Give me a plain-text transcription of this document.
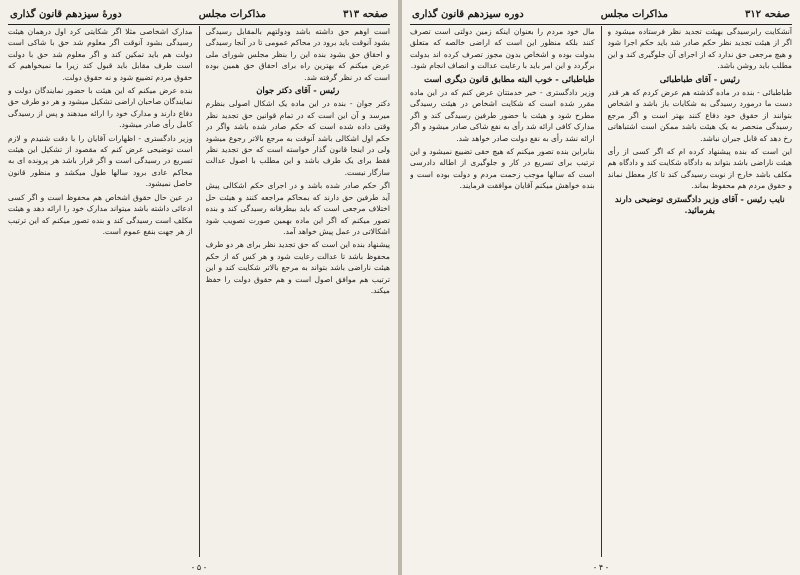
صفحه ۳۱۳
مذاکرات مجلس
دورهٔ سیزدهم قانون گذاری

است اوهم حق داشته باشد ودولتهم بالمقابل رسیدگی بشود آنوقت باید برود در محاکم عمومی تا در آنجا رسیدگی و احقاق حق بشود بنده این را بنظر مجلس شورای ملی عرض میکنم که بهترین راه برای احقاق حق همین بوده است که در نظر گرفته شد.

رئیس - آقای دکتر جوان

دکتر جوان - بنده در این ماده یک اشکال اصولی بنظرم میرسد و آن این است که در تمام قوانین حق تجدید نظر وقتی داده شده است که حکم صادر شده باشد واگر در حکم اول اشکالی باشد آنوقت به مرجع بالاتر رجوع میشود ولی در اینجا قانون گذار خواسته است که حق تجدید نظر فقط برای یک طرف باشد و این مطلب با اصول عدالت سازگار نیست.

اگر حکم صادر شده باشد و در اجرای حکم اشکالی پیش آید طرفین حق دارند که بمحاکم مراجعه کنند و هیئت حل اختلاف مرجعی است که باید بیطرفانه رسیدگی کند و بنده تصور میکنم که اگر این ماده بهمین صورت تصویب شود اشکالاتی در عمل پیش خواهد آمد.

پیشنهاد بنده این است که حق تجدید نظر برای هر دو طرف محفوظ باشد تا عدالت رعایت شود و هر کس که از حکم هیئت ناراضی باشد بتواند به مرجع بالاتر شکایت کند و این ترتیب هم موافق اصول است و هم حقوق دولت را حفظ میکند.

مدارک اشخاصی مثلا اگر شکایتی کرد اول درهمان هیئت رسیدگی بشود آنوقت اگر معلوم شد حق با شاکی است دولت هم باید تمکین کند و اگر معلوم شد حق با دولت است طرف مقابل باید قبول کند زیرا ما نمیخواهیم که حقوق مردم تضییع شود و نه حقوق دولت.

بنده عرض میکنم که این هیئت با حضور نمایندگان دولت و نمایندگان صاحبان اراضی تشکیل میشود و هر دو طرف حق دفاع دارند و مدارک خود را ارائه میدهند و پس از رسیدگی کامل رأی صادر میشود.

وزیر دادگستری - اظهارات آقایان را با دقت شنیدم و لازم است توضیحی عرض کنم که مقصود از تشکیل این هیئت تسریع در رسیدگی است و اگر قرار باشد هر پرونده ای به محاکم عادی برود سالها طول میکشد و منظور قانون حاصل نمیشود.

در عین حال حقوق اشخاص هم محفوظ است و اگر کسی ادعائی داشته باشد میتواند مدارک خود را ارائه دهد و هیئت مکلف است رسیدگی کند و بنده تصور میکنم که این ترتیب از هر جهت بنفع عموم است.

- ۵ -
صفحه ۳۱۲
مذاکرات مجلس
دوره سیزدهم قانون گذاری

آنشکایت رابرسیدگی بهیئت تجدید نظر فرستاده میشود و اگر از هیئت تجدید نظر حکم صادر شد باید حکم اجرا شود و هیچ مرجعی حق ندارد که از اجرای آن جلوگیری کند و این مطلب باید روشن باشد.

رئیس - آقای طباطبائی

طباطبائی - بنده در ماده گذشته هم عرض کردم که هر قدر دست ما درمورد رسیدگی به شکایات باز باشد و اشخاص بتوانند از حقوق خود دفاع کنند بهتر است و اگر مرجع رسیدگی منحصر به یک هیئت باشد ممکن است اشتباهاتی رخ دهد که قابل جبران نباشد.

این است که بنده پیشنهاد کرده ام که اگر کسی از رأی هیئت ناراضی باشد بتواند به دادگاه شکایت کند و دادگاه هم مکلف باشد خارج از نوبت رسیدگی کند تا کار معطل نماند و حقوق مردم هم محفوظ بماند.

نایب رئیس - آقای وزیر دادگستری توضیحی دارند بفرمائید.

مال خود مردم را بعنوان اینکه زمین دولتی است تصرف کنند بلکه منظور این است که اراضی خالصه که متعلق بدولت بوده و اشخاص بدون مجوز تصرف کرده اند بدولت برگردد و این امر باید با رعایت عدالت و انصاف انجام شود.

طباطبائی - خوب البته مطابق قانون دیگری است

وزیر دادگستری - خیر خدمتتان عرض کنم که در این ماده مقرر شده است که شکایت اشخاص در هیئت رسیدگی مطرح شود و هیئت با حضور طرفین رسیدگی کند و اگر مدارک کافی ارائه شد رأی به نفع شاکی صادر میشود و اگر ارائه نشد رأی به نفع دولت صادر خواهد شد.

بنابراین بنده تصور میکنم که هیچ حقی تضییع نمیشود و این ترتیب برای تسریع در کار و جلوگیری از اطاله دادرسی است که سالها موجب زحمت مردم و دولت بوده است و بنده خواهش میکنم آقایان موافقت فرمایند.

- ۴ -
